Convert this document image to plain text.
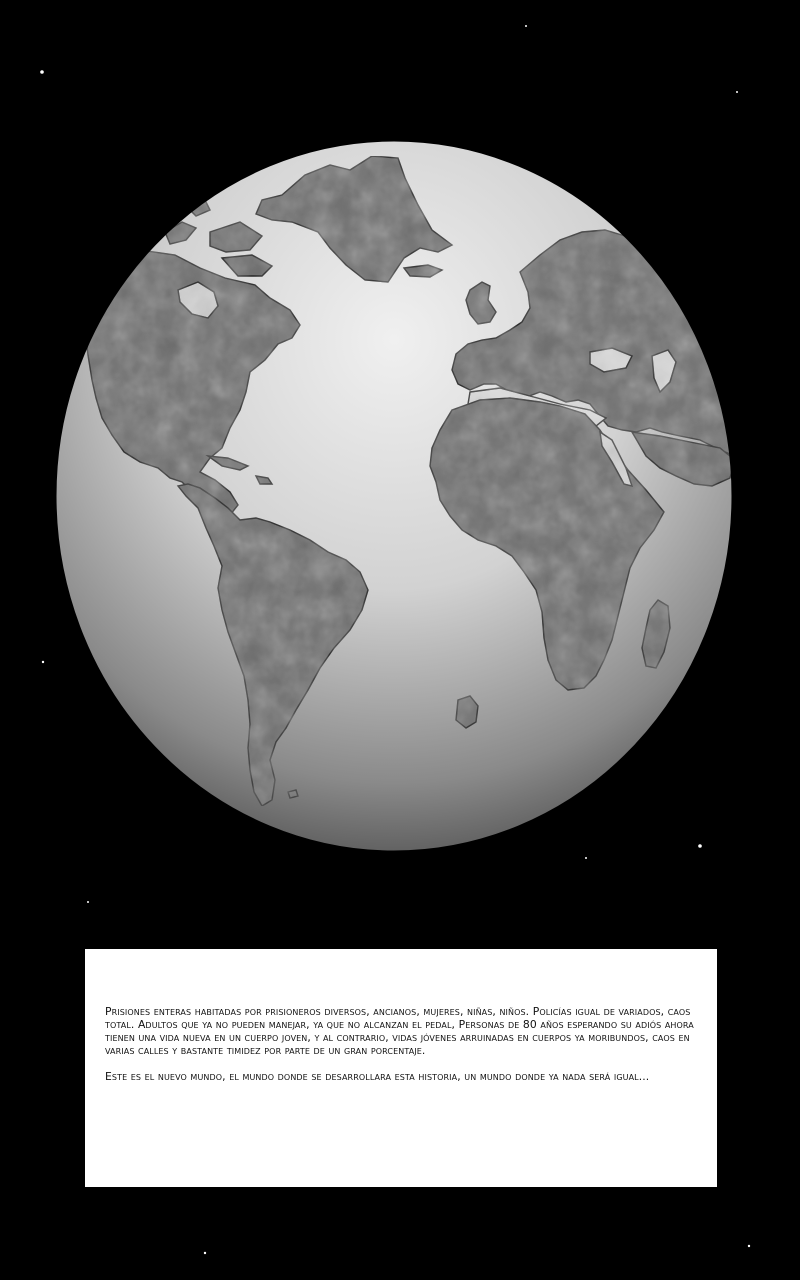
Prisiones enteras habitadas por prisioneros diversos, ancianos, mujeres, niñas, niños. Policías igual de variados, caos total. Adultos que ya no pueden manejar, ya que no alcanzan el pedal, Personas de 80 años esperando su adiós ahora tienen una vida nueva en un cuerpo joven, y al contrario, vidas jóvenes arruinadas en cuerpos ya moribundos, caos en varias calles y bastante timidez por parte de un gran porcentaje.

Este es el nuevo mundo, el mundo donde se desarrollara esta historia, un mundo donde ya nada será igual...
